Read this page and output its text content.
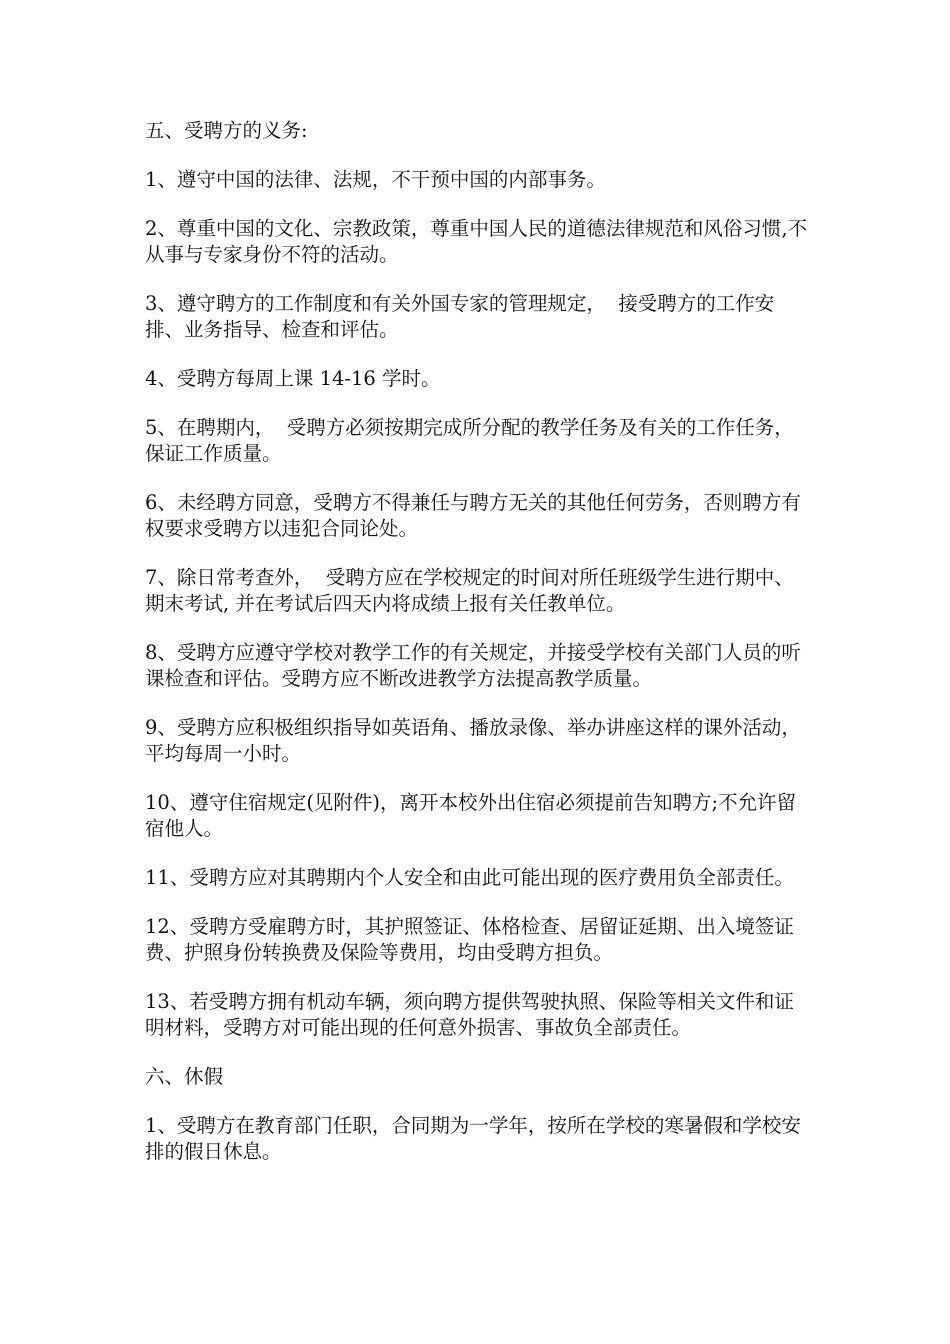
五、受聘方的义务:

1、遵守中国的法律、法规，不干预中国的内部事务。

2、尊重中国的文化、宗教政策，尊重中国人民的道德法律规范和风俗习惯,不从事与专家身份不符的活动。

3、遵守聘方的工作制度和有关外国专家的管理规定，  接受聘方的工作安排、业务指导、检查和评估。

4、受聘方每周上课 14-16 学时。

5、在聘期内，  受聘方必须按期完成所分配的教学任务及有关的工作任务，保证工作质量。

6、未经聘方同意，受聘方不得兼任与聘方无关的其他任何劳务，否则聘方有权要求受聘方以违犯合同论处。

7、除日常考查外，  受聘方应在学校规定的时间对所任班级学生进行期中、期末考试, 并在考试后四天内将成绩上报有关任教单位。

8、受聘方应遵守学校对教学工作的有关规定，并接受学校有关部门人员的听课检查和评估。受聘方应不断改进教学方法提高教学质量。

9、受聘方应积极组织指导如英语角、播放录像、举办讲座这样的课外活动，平均每周一小时。

10、遵守住宿规定(见附件)，离开本校外出住宿必须提前告知聘方;不允许留宿他人。

11、受聘方应对其聘期内个人安全和由此可能出现的医疗费用负全部责任。

12、受聘方受雇聘方时，其护照签证、体格检查、居留证延期、出入境签证费、护照身份转换费及保险等费用，均由受聘方担负。

13、若受聘方拥有机动车辆，须向聘方提供驾驶执照、保险等相关文件和证明材料，受聘方对可能出现的任何意外损害、事故负全部责任。

六、休假

1、受聘方在教育部门任职，合同期为一学年，按所在学校的寒暑假和学校安排的假日休息。
